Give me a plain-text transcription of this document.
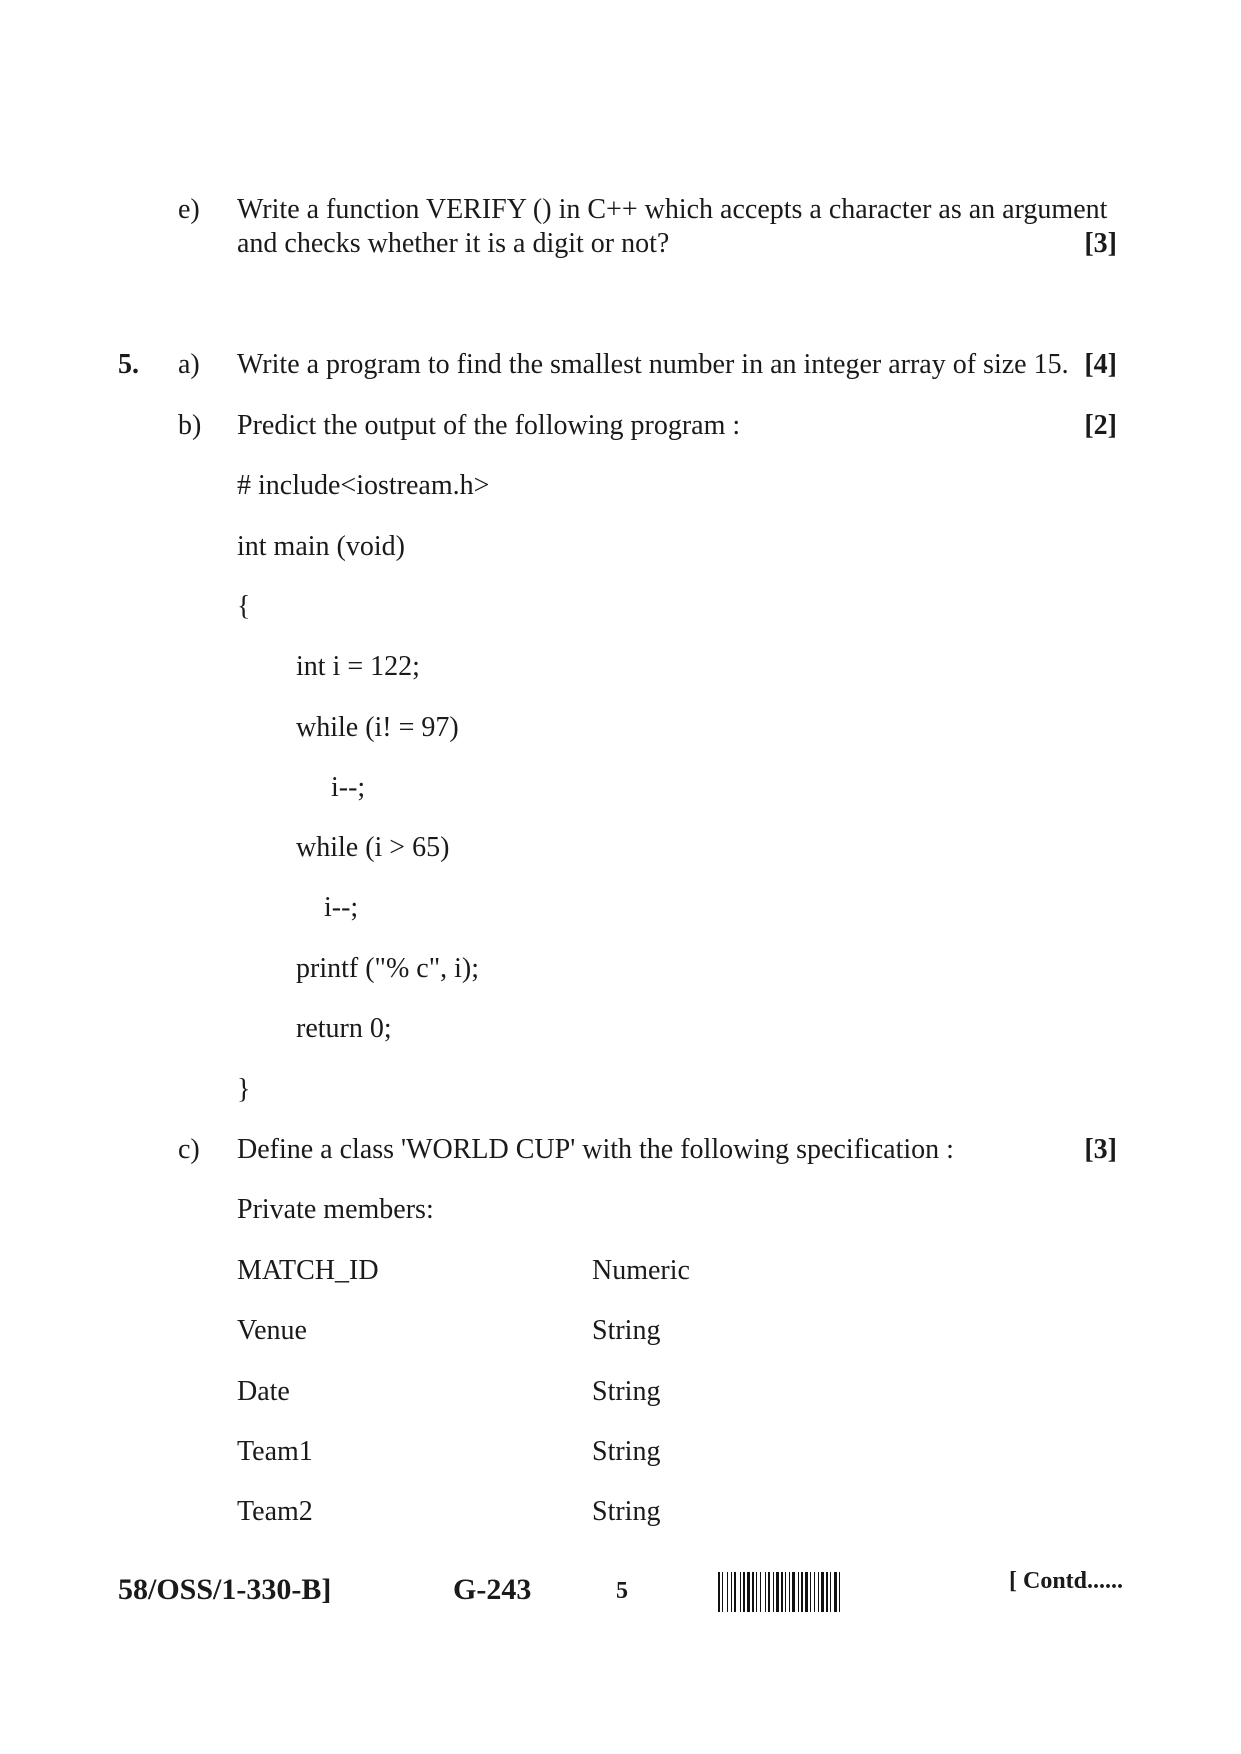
e) Write a function VERIFY () in C++ which accepts a character as an argument
and checks whether it is a digit or not?	[3]
5. a) Write a program to find the smallest number in an integer array of size 15. [4]
b) Predict the output of the following program :	[2]
# include<iostream.h>
int main (void)
{
int i = 122;
while (i! = 97)
i--;
while (i > 65)
i--;
printf ("% c", i);
return 0;
}
c) Define a class 'WORLD CUP' with the following specification :	[3]
Private members:
MATCH_ID	Numeric
Venue	String
Date	String
Team1	String
Team2	String
58/OSS/1-330-B]	G-243	5	[ Contd......
